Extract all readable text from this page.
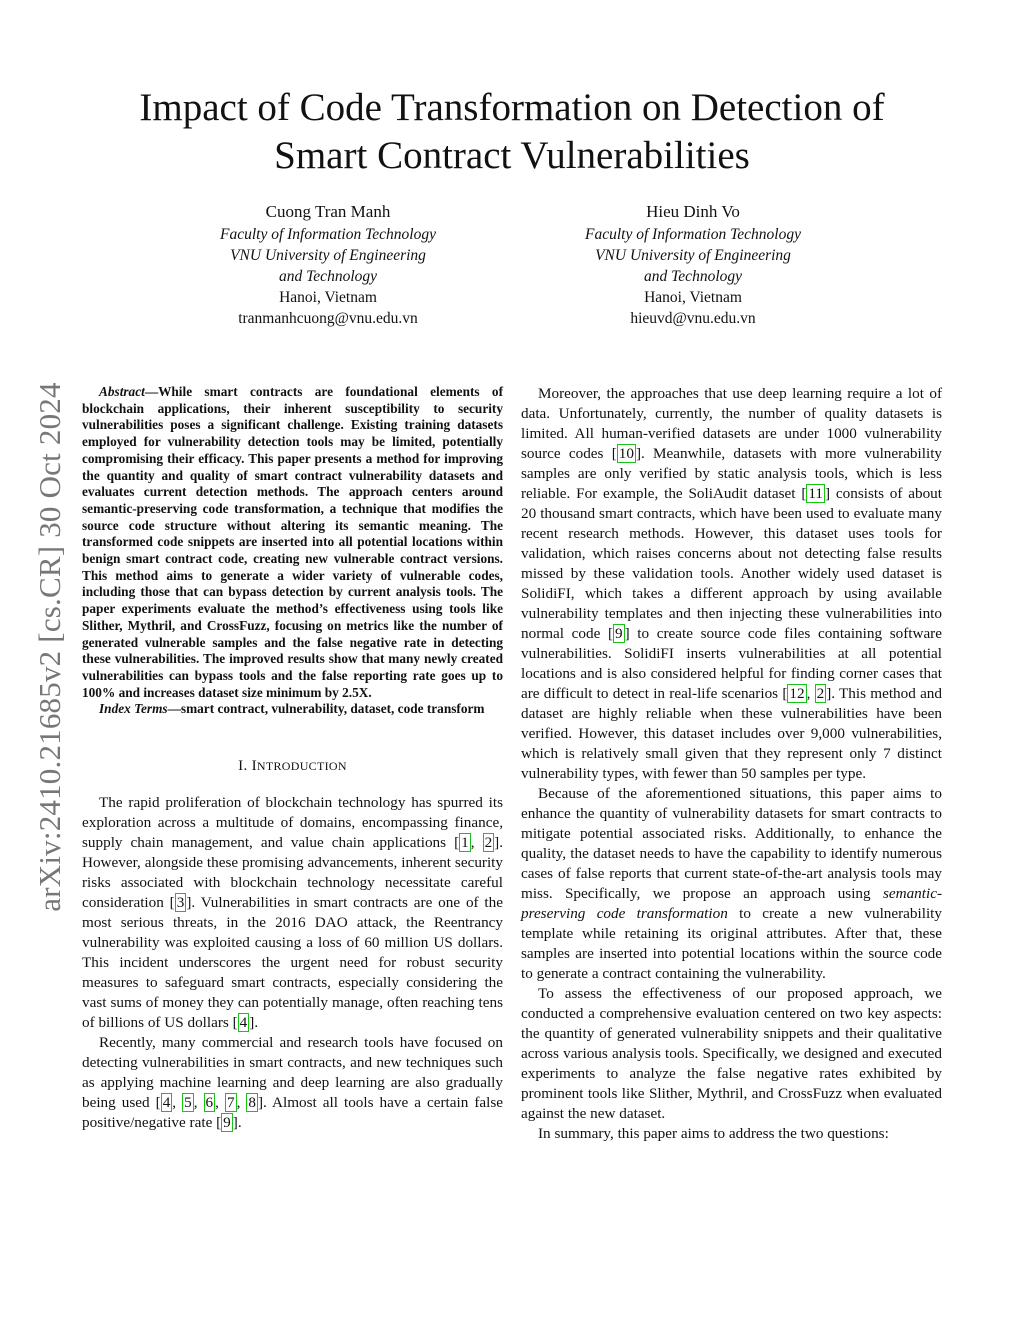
arXiv:2410.21685v2 [cs.CR] 30 Oct 2024
Impact of Code Transformation on Detection of
Smart Contract Vulnerabilities
Cuong Tran Manh
Faculty of Information Technology
VNU University of Engineering
and Technology
Hanoi, Vietnam
tranmanhcuong@vnu.edu.vn
Hieu Dinh Vo
Faculty of Information Technology
VNU University of Engineering
and Technology
Hanoi, Vietnam
hieuvd@vnu.edu.vn

Abstract—While smart contracts are foundational elements of blockchain applications, their inherent susceptibility to security vulnerabilities poses a significant challenge. Existing training datasets employed for vulnerability detection tools may be limited, potentially compromising their efficacy. This paper presents a method for improving the quantity and quality of smart contract vulnerability datasets and evaluates current detection methods. The approach centers around semantic-preserving code transformation, a technique that modifies the source code structure without altering its semantic meaning. The transformed code snippets are inserted into all potential locations within benign smart contract code, creating new vulnerable contract versions. This method aims to generate a wider variety of vulnerable codes, including those that can bypass detection by current analysis tools. The paper experiments evaluate the method’s effectiveness using tools like Slither, Mythril, and CrossFuzz, focusing on metrics like the number of generated vulnerable samples and the false negative rate in detecting these vulnerabilities. The improved results show that many newly created vulnerabilities can bypass tools and the false reporting rate goes up to 100% and increases dataset size minimum by 2.5X.

Index Terms—smart contract, vulnerability, dataset, code transform

I. INTRODUCTION

The rapid proliferation of blockchain technology has spurred its exploration across a multitude of domains, encompassing finance, supply chain management, and value chain applications [ 1 , 2 ]. However, alongside these promising advancements, inherent security risks associated with blockchain technology necessitate careful consideration [ 3 ]. Vulnerabilities in smart contracts are one of the most serious threats, in the 2016 DAO attack, the Reentrancy vulnerability was exploited causing a loss of 60 million US dollars. This incident underscores the urgent need for robust security measures to safeguard smart contracts, especially considering the vast sums of money they can potentially manage, often reaching tens of billions of US dollars [ 4 ].

Recently, many commercial and research tools have focused on detecting vulnerabilities in smart contracts, and new techniques such as applying machine learning and deep learning are also gradually being used [ 4 , 5 , 6 , 7 , 8 ]. Almost all tools have a certain false positive/negative rate [ 9 ].

Moreover, the approaches that use deep learning require a lot of data. Unfortunately, currently, the number of quality datasets is limited. All human-verified datasets are under 1000 vulnerability source codes [ 10 ]. Meanwhile, datasets with more vulnerability samples are only verified by static analysis tools, which is less reliable. For example, the SoliAudit dataset [ 11 ] consists of about 20 thousand smart contracts, which have been used to evaluate many recent research methods. However, this dataset uses tools for validation, which raises concerns about not detecting false results missed by these validation tools. Another widely used dataset is SolidiFI, which takes a different approach by using available vulnerability templates and then injecting these vulnerabilities into normal code [ 9 ] to create source code files containing software vulnerabilities. SolidiFI inserts vulnerabilities at all potential locations and is also considered helpful for finding corner cases that are difficult to detect in real-life scenarios [ 12 , 2 ]. This method and dataset are highly reliable when these vulnerabilities have been verified. However, this dataset includes over 9,000 vulnerabilities, which is relatively small given that they represent only 7 distinct vulnerability types, with fewer than 50 samples per type.

Because of the aforementioned situations, this paper aims to enhance the quantity of vulnerability datasets for smart contracts to mitigate potential associated risks. Additionally, to enhance the quality, the dataset needs to have the capability to identify numerous cases of false reports that current state-of-the-art analysis tools may miss. Specifically, we propose an approach using semantic-preserving code transformation to create a new vulnerability template while retaining its original attributes. After that, these samples are inserted into potential locations within the source code to generate a contract containing the vulnerability.

To assess the effectiveness of our proposed approach, we conducted a comprehensive evaluation centered on two key aspects: the quantity of generated vulnerability snippets and their qualitative across various analysis tools. Specifically, we designed and executed experiments to analyze the false negative rates exhibited by prominent tools like Slither, Mythril, and CrossFuzz when evaluated against the new dataset.

In summary, this paper aims to address the two questions:
